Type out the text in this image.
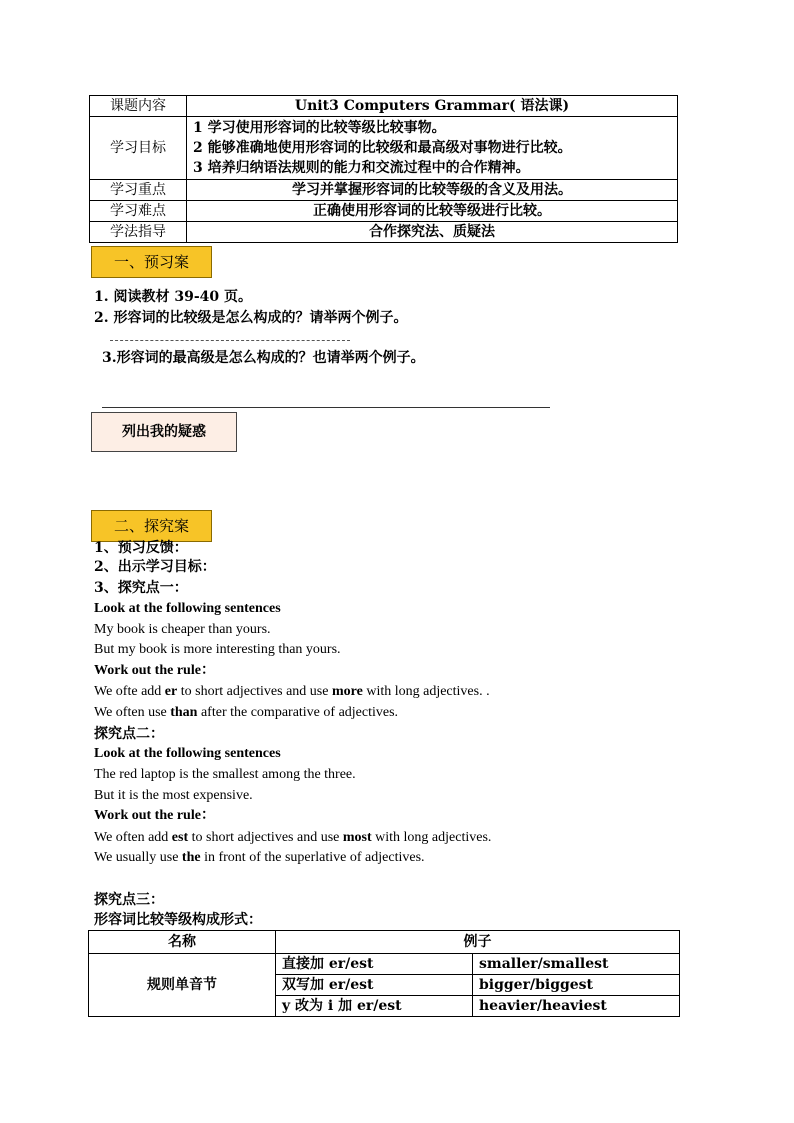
课题内容	Unit3 Computers Grammar( 语法课)
学习目标	1 学习使用形容词的比较等级比较事物。
2 能够准确地使用形容词的比较级和最高级对事物进行比较。
3 培养归纳语法规则的能力和交流过程中的合作精神。

学习重点	学习并掌握形容词的比较等级的含义及用法。
学习难点	正确使用形容词的比较等级进行比较。
学法指导	合作探究法、质疑法
一、预习案
1. 阅读教材 39-40 页。
2. 形容词的比较级是怎么构成的？请举两个例子。
3.形容词的最高级是怎么构成的？也请举两个例子。
列出我的疑惑
二、探究案
1、预习反馈：
2、出示学习目标：
3、探究点一：
Look at the following sentences
My book is cheaper than yours.
But my book is more interesting than yours.
Work out the rule：
We ofte add er to short adjectives and use more with long adjectives. .
We often use than after the comparative of adjectives.
探究点二：
Look at the following sentences
The red laptop is the smallest among the three.
But it is the most expensive.
Work out the rule：
We often add est to short adjectives and use most with long adjectives.
We usually use the in front of the superlative of adjectives.
探究点三：
形容词比较等级构成形式：
名称	例子	
规则单音节	直接加 er/est	smaller/smallest
	双写加 er/est	bigger/biggest
	y 改为 i 加 er/est	heavier/heaviest
